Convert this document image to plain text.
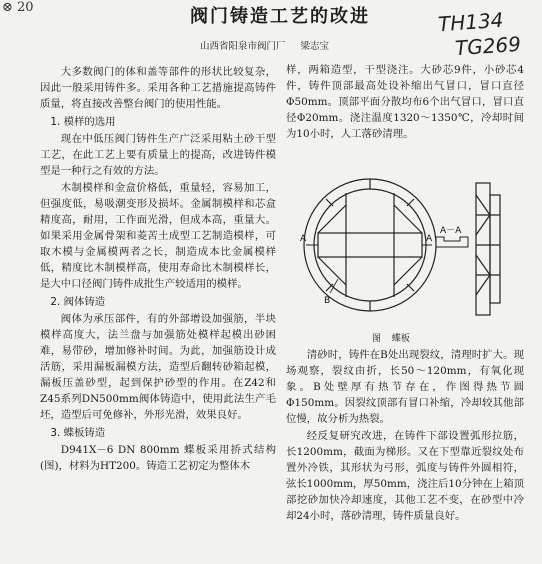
⊗ 20	阀门铸造工艺的改进	TH134
TG269
山西省阳泉市阀门厂 梁志宝

大多数阀门的体和盖等部件的形状比较复杂，因此一般采用铸件多。采用各种工艺措施提高铸件质量，将直接改善整台阀门的使用性能。

1. 模样的选用

现在中低压阀门铸件生产广泛采用粘土砂干型工艺，在此工艺上要有质量上的提高，改进铸件模型是一种行之有效的方法。

木制模样和金盒价格低，重量轻，容易加工，但强度低，易吸潮变形及损坏。金属制模样和芯盒精度高，耐用，工作面光滑，但成本高，重量大。如果采用金属骨架和菱苦土成型工艺制造模样，可取木模与金属模两者之长，制造成本比金属模样低，精度比木制模样高，使用寿命比木制模样长，是大中口径阀门铸件成批生产较适用的模样。

2. 阀体铸造

阀体为承压部件，有的外部增设加强筋，半块模样高度大，法兰盘与加强筋处模样起模出砂困难，易带砂，增加修补时间。为此，加强筋设计成活筋，采用漏板漏模方法，造型后翻转砂箱起模，漏板压盖砂型，起到保护砂型的作用。在Z42和Z45系列DN500mm阀体铸造中，使用此法生产毛坯，造型后可免修补，外形光滑，效果良好。

3. 蝶板铸造

D941X－6 DN 800mm 蝶板采用挢式结构(图)，材料为HT200。铸造工艺初定为整体木

样，两箱造型，干型浇注。大砂芯9件，小砂芯4件，铸件顶部最高处设补缩出气冒口，冒口直径Φ50mm。顶部平面分散均布6个出气冒口，冒口直径Φ20mm。浇注温度1320～1350℃，冷却时间为10小时，人工落砂清理。

A	A
A－A
B
图 蝶板

清砂时，铸件在B处出现裂纹，清理时扩大。现场观察，裂纹由折，长50～120mm，有氧化现象。B处壁厚有热节存在，作图得热节圆Φ150mm。因裂纹顶部有冒口补缩，冷却较其他部位慢，故分析为热裂。

经反复研究改进，在铸件下部设置弧形拉筋，长1200mm，截面为梯形。又在下型靠近裂纹处布置外冷铁，其形状为弓形，弧度与铸件外圆相符，弦长1000mm，厚50mm，浇注后10分钟在上箱顶部挖砂加快冷却速度，其他工艺不变，在砂型中冷却24小时，落砂清理，铸件质量良好。
